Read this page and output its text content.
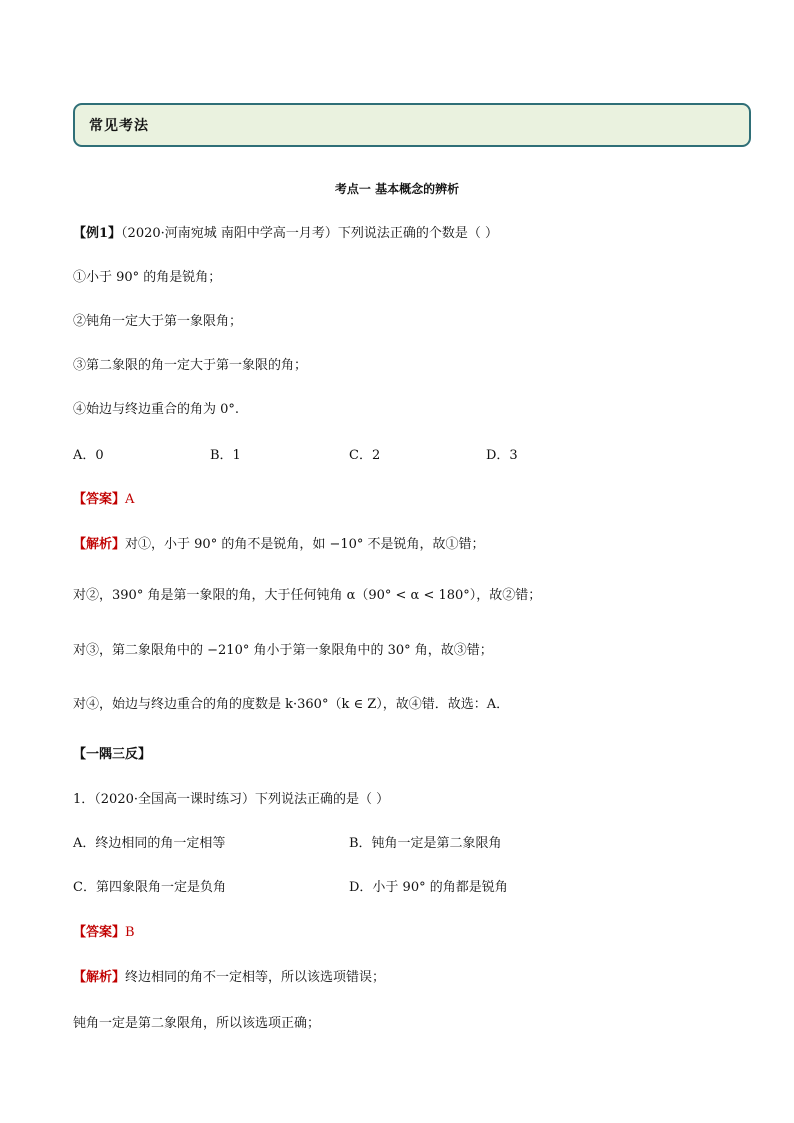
常见考法
考点一 基本概念的辨析
【例1】（2020·河南宛城 南阳中学高一月考）下列说法正确的个数是（ ）
①小于 90° 的角是锐角；
②钝角一定大于第一象限角；
③第二象限的角一定大于第一象限的角；
④始边与终边重合的角为 0°.
A．0	B．1	C．2	D．3
【答案】A
【解析】对①，小于 90° 的角不是锐角，如 −10° 不是锐角，故①错；
对②，390° 角是第一象限的角，大于任何钝角 α（90° < α < 180°），故②错；
对③，第二象限角中的 −210° 角小于第一象限角中的 30° 角，故③错；
对④，始边与终边重合的角的度数是 k·360°（k ∈ Z），故④错．故选：A．
【一隅三反】
1．（2020·全国高一课时练习）下列说法正确的是（ ）
A．终边相同的角一定相等	B．钝角一定是第二象限角
C．第四象限角一定是负角	D．小于 90° 的角都是锐角
【答案】B
【解析】终边相同的角不一定相等，所以该选项错误；
钝角一定是第二象限角，所以该选项正确；
